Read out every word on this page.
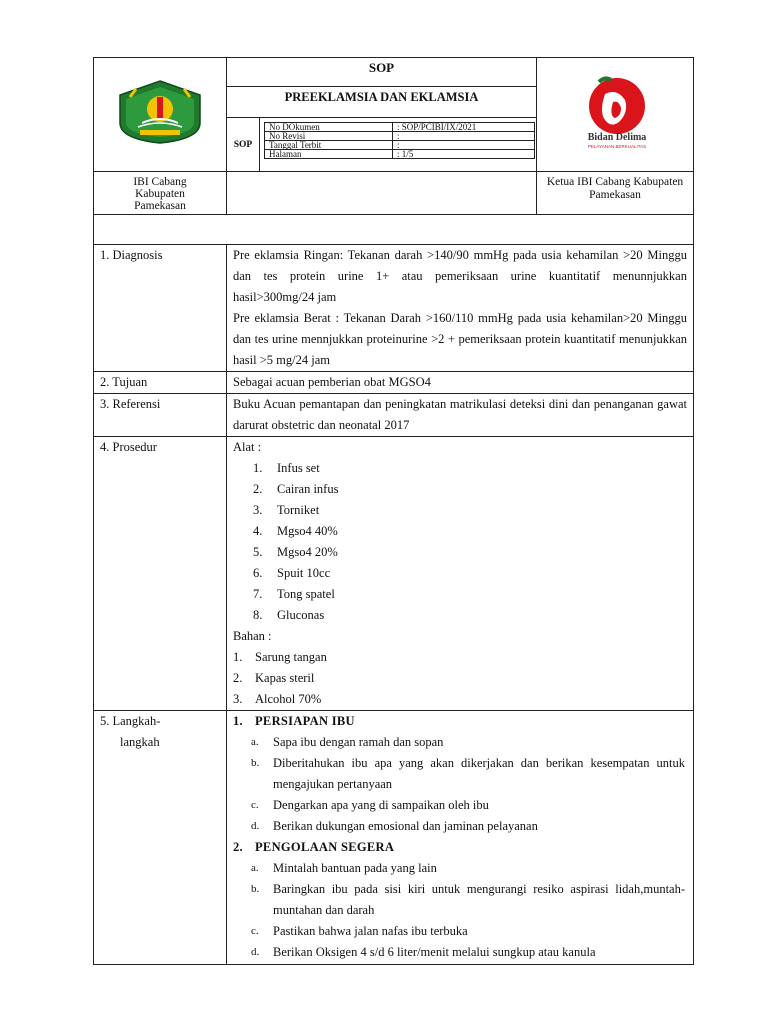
SOP
PREEKLAMSIA DAN EKLAMSIA
SOP
No DOkumen	: SOP/PCIBI/IX/2021
No Revisi	:
Tanggal Terbit	:
Halaman	: 1/5

Bidan Delima
PELAYANAN BERKUALITAS

IBI Cabang
Kabupaten
Pamekasan
		Ketua IBI Cabang Kabupaten Pamekasan

1. Diagnosis	Pre eklamsia Ringan: Tekanan darah >140/90 mmHg pada usia kehamilan >20 Minggu dan tes protein urine 1+ atau pemeriksaan urine kuantitatif menunnjukkan hasil>300mg/24 jam
Pre eklamsia Berat : Tekanan Darah >160/110 mmHg pada usia kehamilan>20 Minggu dan tes urine mennjukkan proteinurine >2 + pemeriksaan protein kuantitatif menunjukkan hasil >5 mg/24 jam

2. Tujuan	Sebagai acuan pemberian obat MGSO4
3. Referensi	Buku Acuan pemantapan dan peningkatan matrikulasi deteksi dini dan penanganan gawat darurat obstetric dan neonatal 2017
4. Prosedur	Alat :
1.	Infus set
2.	Cairan infus
3.	Torniket
4.	Mgso4 40%
5.	Mgso4 20%
6.	Spuit 10cc
7.	Tong spatel
8.	Gluconas
Bahan :
1.	Sarung tangan
2.	Kapas steril
3.	Alcohol 70%

5. Langkah-
langkah

1. PERSIAPAN IBU
a.	Sapa ibu dengan ramah dan sopan
b.	Diberitahukan ibu apa yang akan dikerjakan dan berikan kesempatan untuk mengajukan pertanyaan
c.	Dengarkan apa yang di sampaikan oleh ibu
d.	Berikan dukungan emosional dan jaminan pelayanan
2. PENGOLAAN SEGERA
a.	Mintalah bantuan pada yang lain
b.	Baringkan ibu pada sisi kiri untuk mengurangi resiko aspirasi lidah,muntah-muntahan dan darah
c.	Pastikan bahwa jalan nafas ibu terbuka
d.	Berikan Oksigen 4 s/d 6 liter/menit melalui sungkup atau kanula
